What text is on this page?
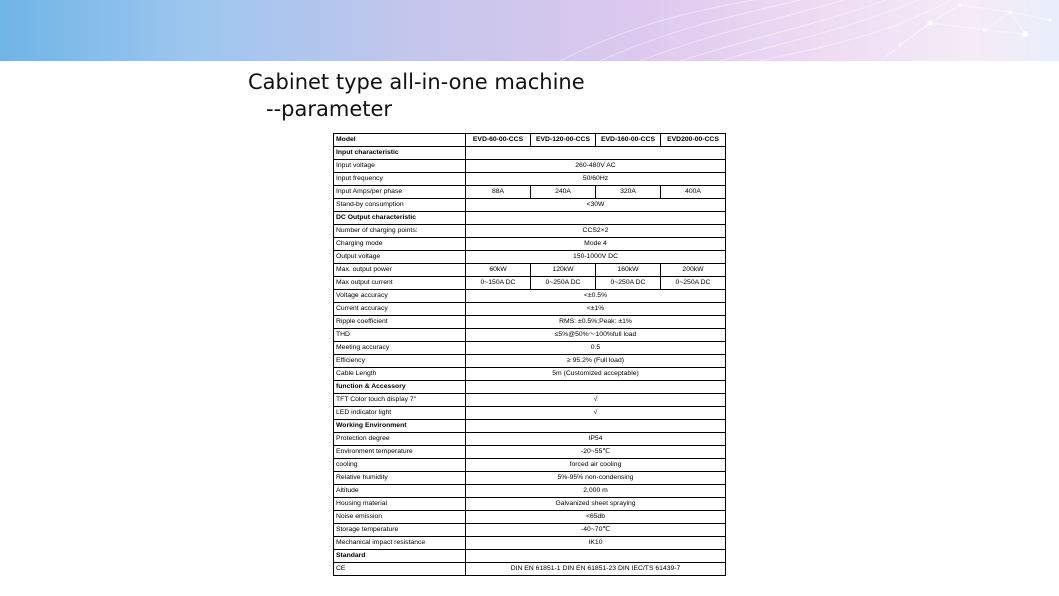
Cabinet type all-in-one machine
--parameter
Model	EVD-60-00-CCS	EVD-120-00-CCS	EVD-160-00-CCS	EVD200-00-CCS
Input characteristic				
Input voltage	260-480V AC			
Input frequency	50/60Hz			
Input Amps/per phase	88A	240A	320A	400A
Stand-by consumption	<30W			
DC Output characteristic				
Number of charging points:	CCS2×2			
Charging mode	Mode 4			
Output voltage	150-1000V DC			
Max. output power	60kW	120kW	160kW	200kW
Max output current	0~150A DC	0~250A DC	0~250A DC	0~250A DC
Voltage accuracy	<±0.5%			
Current accuracy	<±1%			
Ripple coefficient	RMS: ±0.5%;Peak: ±1%			
THD	≤5%@50%～100%full load			
Meeting accuracy	0.5			
Efficiency	≥ 95.2% (Full load)			
Cable Length	5m (Customized acceptable)			
function & Accessory				
TFT Color touch display 7"	√			
LED indicator light	√			
Working Environment				
Protection degree	IP54			
Environment temperature	-20~55℃			
cooling	forced air cooling			
Relative humidity	5%-95% non-condensing			
Altitude	2,000 m			
Housing material	Galvanized sheet spraying			
Noise emission	<65db			
Storage temperature	-40~70℃			
Mechanical impact resistance	IK10			
Standard				
CE	DIN EN 61851-1 DIN EN 61851-23 DIN IEC/TS 61439-7			
